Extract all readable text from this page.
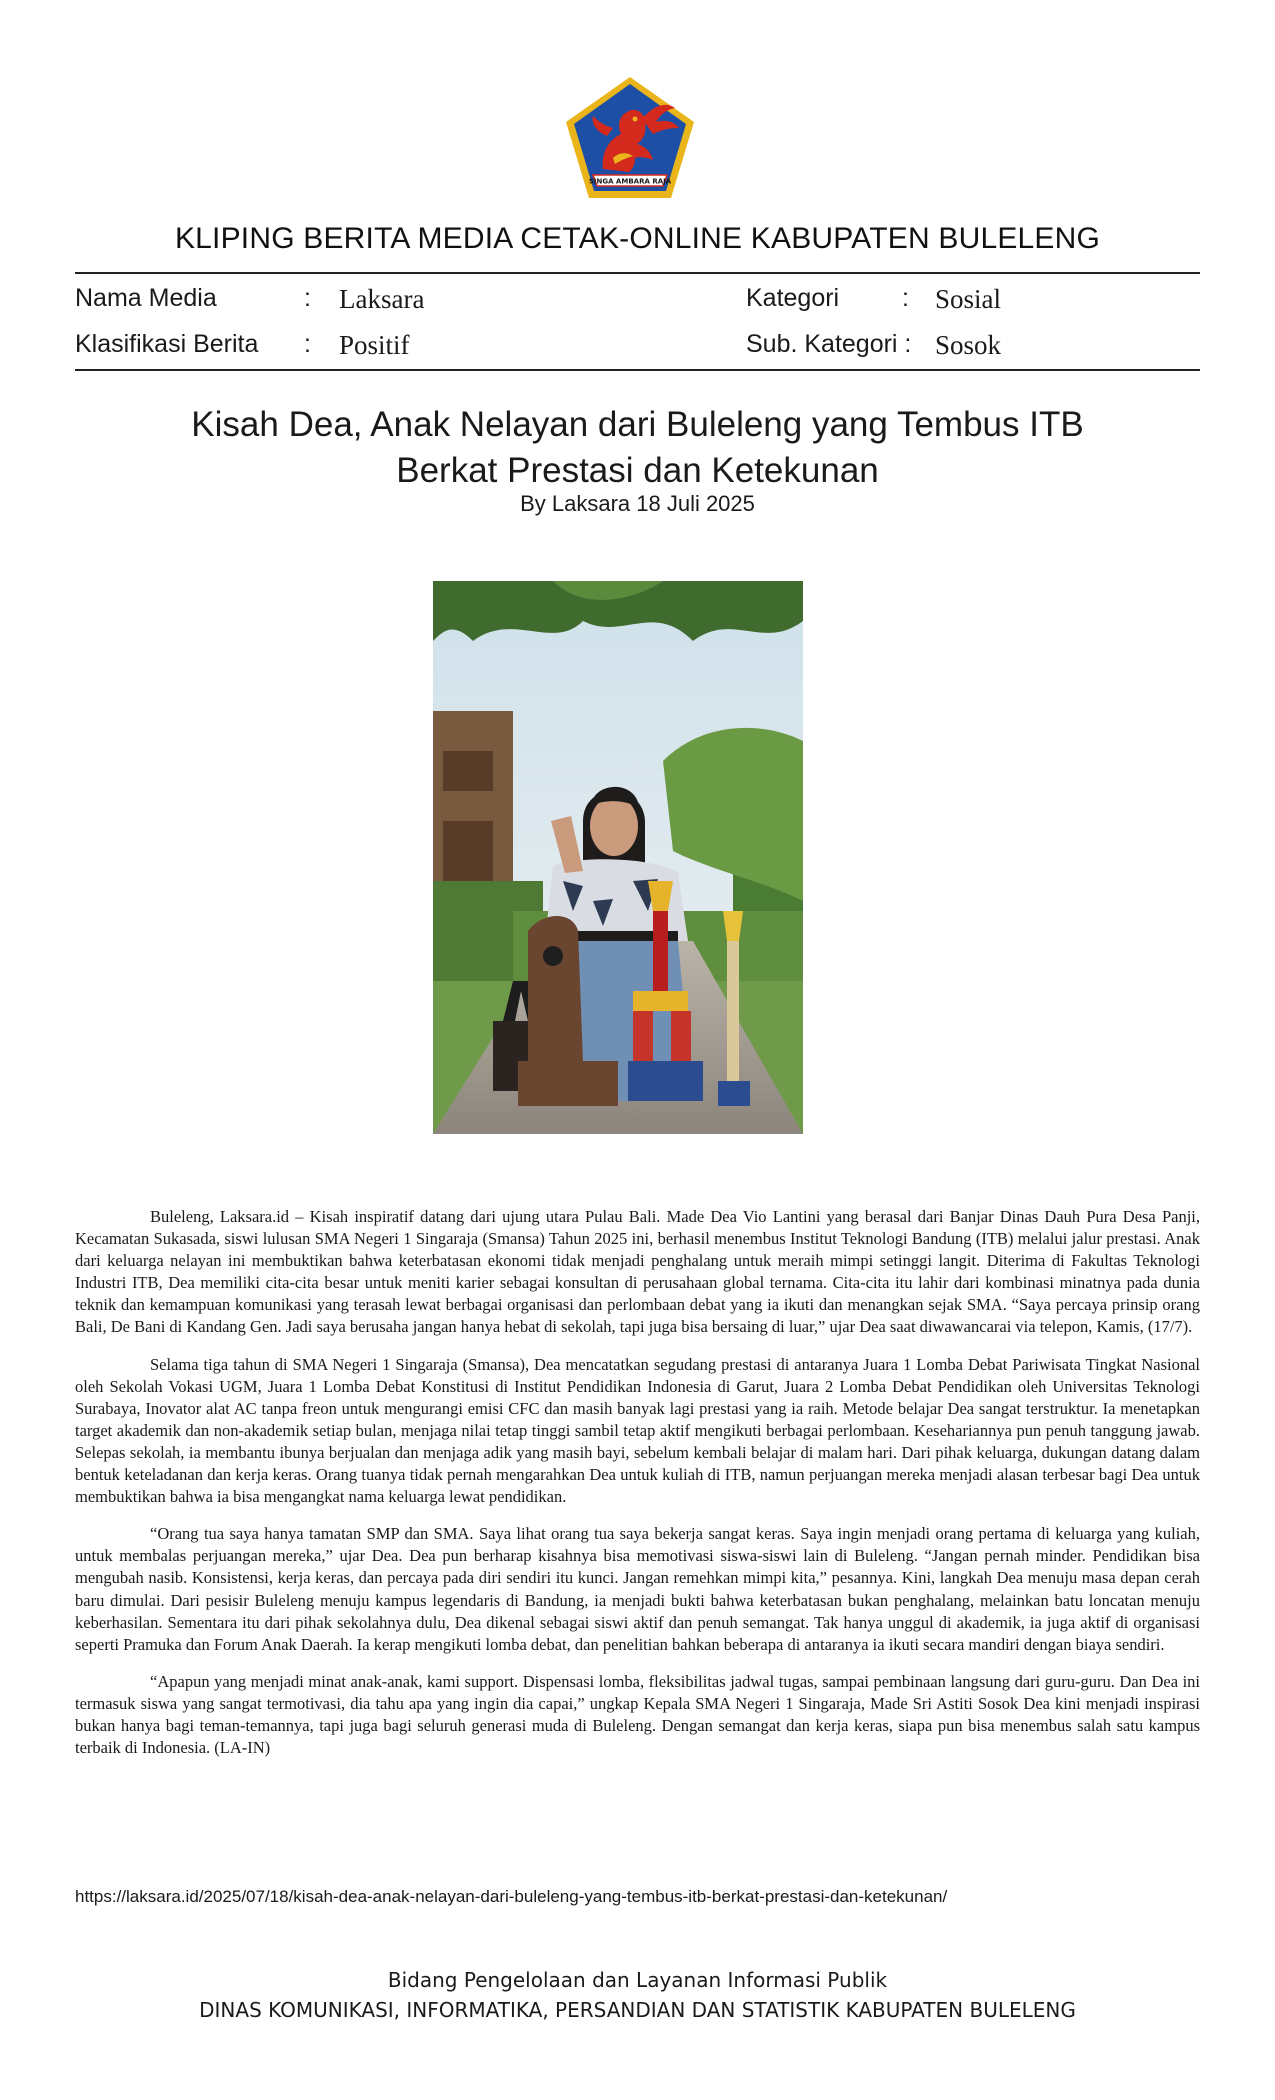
SINGA AMBARA RAJA
KLIPING BERITA MEDIA CETAK-ONLINE KABUPATEN BULELENG
Nama Media	: Laksara
Klasifikasi Berita : Positif
Kategori	: Sosial
Sub. Kategori : Sosok
Kisah Dea, Anak Nelayan dari Buleleng yang Tembus ITB
Berkat Prestasi dan Ketekunan
By Laksara 18 Juli 2025

Buleleng, Laksara.id – Kisah inspiratif datang dari ujung utara Pulau Bali. Made Dea Vio Lantini yang berasal dari Banjar Dinas Dauh Pura Desa Panji, Kecamatan Sukasada, siswi lulusan SMA Negeri 1 Singaraja (Smansa) Tahun 2025 ini, berhasil menembus Institut Teknologi Bandung (ITB) melalui jalur prestasi. Anak dari keluarga nelayan ini membuktikan bahwa keterbatasan ekonomi tidak menjadi penghalang untuk meraih mimpi setinggi langit. Diterima di Fakultas Teknologi Industri ITB, Dea memiliki cita-cita besar untuk meniti karier sebagai konsultan di perusahaan global ternama. Cita-cita itu lahir dari kombinasi minatnya pada dunia teknik dan kemampuan komunikasi yang terasah lewat berbagai organisasi dan perlombaan debat yang ia ikuti dan menangkan sejak SMA. “Saya percaya prinsip orang Bali, De Bani di Kandang Gen. Jadi saya berusaha jangan hanya hebat di sekolah, tapi juga bisa bersaing di luar,” ujar Dea saat diwawancarai via telepon, Kamis, (17/7).

Selama tiga tahun di SMA Negeri 1 Singaraja (Smansa), Dea mencatatkan segudang prestasi di antaranya Juara 1 Lomba Debat Pariwisata Tingkat Nasional oleh Sekolah Vokasi UGM, Juara 1 Lomba Debat Konstitusi di Institut Pendidikan Indonesia di Garut, Juara 2 Lomba Debat Pendidikan oleh Universitas Teknologi Surabaya, Inovator alat AC tanpa freon untuk mengurangi emisi CFC dan masih banyak lagi prestasi yang ia raih. Metode belajar Dea sangat terstruktur. Ia menetapkan target akademik dan non-akademik setiap bulan, menjaga nilai tetap tinggi sambil tetap aktif mengikuti berbagai perlombaan. Kesehariannya pun penuh tanggung jawab. Selepas sekolah, ia membantu ibunya berjualan dan menjaga adik yang masih bayi, sebelum kembali belajar di malam hari. Dari pihak keluarga, dukungan datang dalam bentuk keteladanan dan kerja keras. Orang tuanya tidak pernah mengarahkan Dea untuk kuliah di ITB, namun perjuangan mereka menjadi alasan terbesar bagi Dea untuk membuktikan bahwa ia bisa mengangkat nama keluarga lewat pendidikan.

“Orang tua saya hanya tamatan SMP dan SMA. Saya lihat orang tua saya bekerja sangat keras. Saya ingin menjadi orang pertama di keluarga yang kuliah, untuk membalas perjuangan mereka,” ujar Dea. Dea pun berharap kisahnya bisa memotivasi siswa-siswi lain di Buleleng. “Jangan pernah minder. Pendidikan bisa mengubah nasib. Konsistensi, kerja keras, dan percaya pada diri sendiri itu kunci. Jangan remehkan mimpi kita,” pesannya. Kini, langkah Dea menuju masa depan cerah baru dimulai. Dari pesisir Buleleng menuju kampus legendaris di Bandung, ia menjadi bukti bahwa keterbatasan bukan penghalang, melainkan batu loncatan menuju keberhasilan. Sementara itu dari pihak sekolahnya dulu, Dea dikenal sebagai siswi aktif dan penuh semangat. Tak hanya unggul di akademik, ia juga aktif di organisasi seperti Pramuka dan Forum Anak Daerah. Ia kerap mengikuti lomba debat, dan penelitian bahkan beberapa di antaranya ia ikuti secara mandiri dengan biaya sendiri.

“Apapun yang menjadi minat anak-anak, kami support. Dispensasi lomba, fleksibilitas jadwal tugas, sampai pembinaan langsung dari guru-guru. Dan Dea ini termasuk siswa yang sangat termotivasi, dia tahu apa yang ingin dia capai,” ungkap Kepala SMA Negeri 1 Singaraja, Made Sri Astiti Sosok Dea kini menjadi inspirasi bukan hanya bagi teman-temannya, tapi juga bagi seluruh generasi muda di Buleleng. Dengan semangat dan kerja keras, siapa pun bisa menembus salah satu kampus terbaik di Indonesia. (LA-IN)

https://laksara.id/2025/07/18/kisah-dea-anak-nelayan-dari-buleleng-yang-tembus-itb-berkat-prestasi-dan-ketekunan/
Bidang Pengelolaan dan Layanan Informasi Publik
DINAS KOMUNIKASI, INFORMATIKA, PERSANDIAN DAN STATISTIK KABUPATEN BULELENG
